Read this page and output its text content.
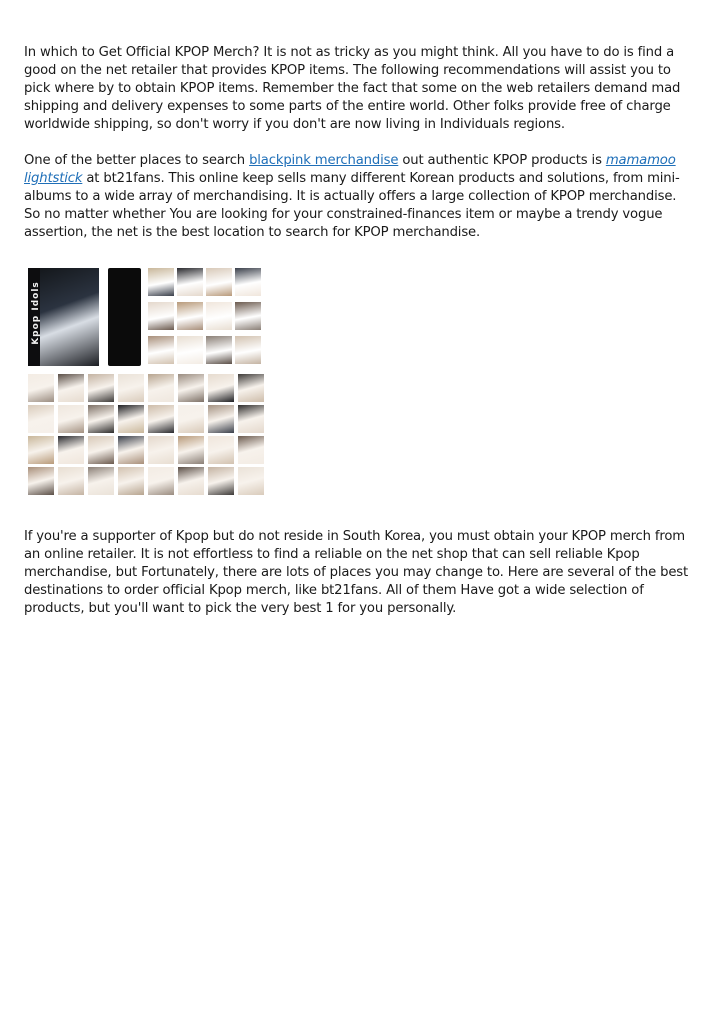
In which to Get Official KPOP Merch? It is not as tricky as you might think. All you have to do is find a good on the net retailer that provides KPOP items. The following recommendations will assist you to pick where by to obtain KPOP items. Remember the fact that some on the web retailers demand mad shipping and delivery expenses to some parts of the entire world. Other folks provide free of charge worldwide shipping, so don't worry if you don't are now living in Individuals regions.

One of the better places to search blackpink merchandise out authentic KPOP products is mamamoo lightstick at bt21fans. This online keep sells many different Korean products and solutions, from mini-albums to a wide array of merchandising. It is actually offers a large collection of KPOP merchandise. So no matter whether You are looking for your constrained-finances item or maybe a trendy vogue assertion, the net is the best location to search for KPOP merchandise.

Kpop Idols

If you're a supporter of Kpop but do not reside in South Korea, you must obtain your KPOP merch from an online retailer. It is not effortless to find a reliable on the net shop that can sell reliable Kpop merchandise, but Fortunately, there are lots of places you may change to. Here are several of the best destinations to order official Kpop merch, like bt21fans. All of them Have got a wide selection of products, but you'll want to pick the very best 1 for you personally.
